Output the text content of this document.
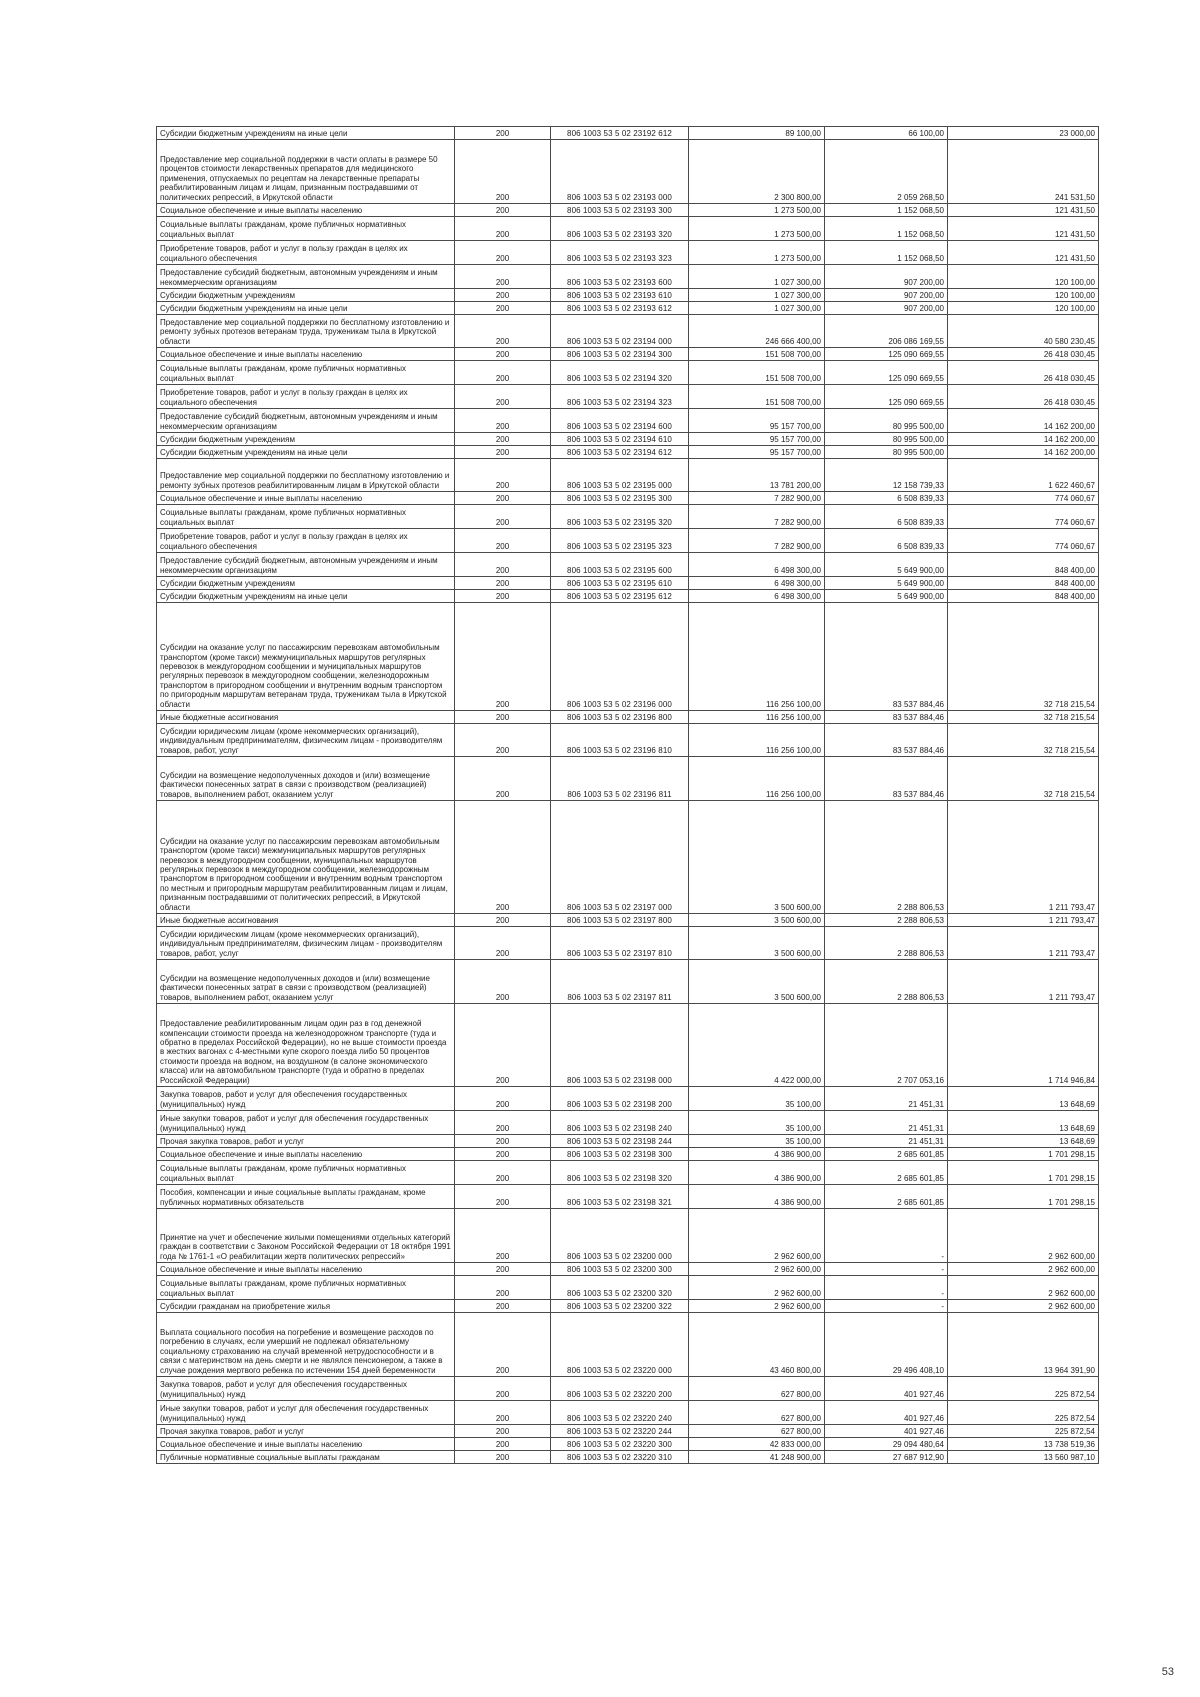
Субсидии бюджетным учреждениям на иные цели	200	806 1003 53 5 02 23192 612	89 100,00	66 100,00	23 000,00
Предоставление мер социальной поддержки в части оплаты в размере 50 процентов стоимости лекарственных препаратов для медицинского применения, отпускаемых по рецептам на лекарственные препараты реабилитированным лицам и лицам, признанным пострадавшими от политических репрессий, в Иркутской области	200	806 1003 53 5 02 23193 000	2 300 800,00	2 059 268,50	241 531,50
Социальное обеспечение и иные выплаты населению	200	806 1003 53 5 02 23193 300	1 273 500,00	1 152 068,50	121 431,50
Социальные выплаты гражданам, кроме публичных нормативных социальных выплат	200	806 1003 53 5 02 23193 320	1 273 500,00	1 152 068,50	121 431,50
Приобретение товаров, работ и услуг в пользу граждан в целях их социального обеспечения	200	806 1003 53 5 02 23193 323	1 273 500,00	1 152 068,50	121 431,50
Предоставление субсидий бюджетным, автономным учреждениям и иным некоммерческим организациям	200	806 1003 53 5 02 23193 600	1 027 300,00	907 200,00	120 100,00
Субсидии бюджетным учреждениям	200	806 1003 53 5 02 23193 610	1 027 300,00	907 200,00	120 100,00
Субсидии бюджетным учреждениям на иные цели	200	806 1003 53 5 02 23193 612	1 027 300,00	907 200,00	120 100,00
Предоставление мер социальной поддержки по бесплатному изготовлению и ремонту зубных протезов ветеранам труда, труженикам тыла в Иркутской области	200	806 1003 53 5 02 23194 000	246 666 400,00	206 086 169,55	40 580 230,45
Социальное обеспечение и иные выплаты населению	200	806 1003 53 5 02 23194 300	151 508 700,00	125 090 669,55	26 418 030,45
Социальные выплаты гражданам, кроме публичных нормативных социальных выплат	200	806 1003 53 5 02 23194 320	151 508 700,00	125 090 669,55	26 418 030,45
Приобретение товаров, работ и услуг в пользу граждан в целях их социального обеспечения	200	806 1003 53 5 02 23194 323	151 508 700,00	125 090 669,55	26 418 030,45
Предоставление субсидий бюджетным, автономным учреждениям и иным некоммерческим организациям	200	806 1003 53 5 02 23194 600	95 157 700,00	80 995 500,00	14 162 200,00
Субсидии бюджетным учреждениям	200	806 1003 53 5 02 23194 610	95 157 700,00	80 995 500,00	14 162 200,00
Субсидии бюджетным учреждениям на иные цели	200	806 1003 53 5 02 23194 612	95 157 700,00	80 995 500,00	14 162 200,00
Предоставление мер социальной поддержки по бесплатному изготовлению и ремонту зубных протезов реабилитированным лицам в Иркутской области	200	806 1003 53 5 02 23195 000	13 781 200,00	12 158 739,33	1 622 460,67
Социальное обеспечение и иные выплаты населению	200	806 1003 53 5 02 23195 300	7 282 900,00	6 508 839,33	774 060,67
Социальные выплаты гражданам, кроме публичных нормативных социальных выплат	200	806 1003 53 5 02 23195 320	7 282 900,00	6 508 839,33	774 060,67
Приобретение товаров, работ и услуг в пользу граждан в целях их социального обеспечения	200	806 1003 53 5 02 23195 323	7 282 900,00	6 508 839,33	774 060,67
Предоставление субсидий бюджетным, автономным учреждениям и иным некоммерческим организациям	200	806 1003 53 5 02 23195 600	6 498 300,00	5 649 900,00	848 400,00
Субсидии бюджетным учреждениям	200	806 1003 53 5 02 23195 610	6 498 300,00	5 649 900,00	848 400,00
Субсидии бюджетным учреждениям на иные цели	200	806 1003 53 5 02 23195 612	6 498 300,00	5 649 900,00	848 400,00
Субсидии на оказание услуг по пассажирским перевозкам автомобильным транспортом (кроме такси) межмуниципальных маршрутов регулярных перевозок в междугородном сообщении и муниципальных маршрутов регулярных перевозок в междугородном сообщении, железнодорожным транспортом в пригородном сообщении и внутренним водным транспортом по пригородным маршрутам ветеранам труда, труженикам тыла в Иркутской области	200	806 1003 53 5 02 23196 000	116 256 100,00	83 537 884,46	32 718 215,54
Иные бюджетные ассигнования	200	806 1003 53 5 02 23196 800	116 256 100,00	83 537 884,46	32 718 215,54
Субсидии юридическим лицам (кроме некоммерческих организаций), индивидуальным предпринимателям, физическим лицам - производителям товаров, работ, услуг	200	806 1003 53 5 02 23196 810	116 256 100,00	83 537 884,46	32 718 215,54
Субсидии на возмещение недополученных доходов и (или) возмещение фактически понесенных затрат в связи с производством (реализацией) товаров, выполнением работ, оказанием услуг	200	806 1003 53 5 02 23196 811	116 256 100,00	83 537 884,46	32 718 215,54
Субсидии на оказание услуг по пассажирским перевозкам автомобильным транспортом (кроме такси) межмуниципальных маршрутов регулярных перевозок в междугородном сообщении, муниципальных маршрутов регулярных перевозок в междугородном сообщении, железнодорожным транспортом в пригородном сообщении и внутренним водным транспортом по местным и пригородным маршрутам реабилитированным лицам и лицам, признанным пострадавшими от политических репрессий, в Иркутской области	200	806 1003 53 5 02 23197 000	3 500 600,00	2 288 806,53	1 211 793,47
Иные бюджетные ассигнования	200	806 1003 53 5 02 23197 800	3 500 600,00	2 288 806,53	1 211 793,47
Субсидии юридическим лицам (кроме некоммерческих организаций), индивидуальным предпринимателям, физическим лицам - производителям товаров, работ, услуг	200	806 1003 53 5 02 23197 810	3 500 600,00	2 288 806,53	1 211 793,47
Субсидии на возмещение недополученных доходов и (или) возмещение фактически понесенных затрат в связи с производством (реализацией) товаров, выполнением работ, оказанием услуг	200	806 1003 53 5 02 23197 811	3 500 600,00	2 288 806,53	1 211 793,47
Предоставление реабилитированным лицам один раз в год денежной компенсации стоимости проезда на железнодорожном транспорте (туда и обратно в пределах Российской Федерации), но не выше стоимости проезда в жестких вагонах с 4-местными купе скорого поезда либо 50 процентов стоимости проезда на водном, на воздушном (в салоне экономического класса) или на автомобильном транспорте (туда и обратно в пределах Российской Федерации)	200	806 1003 53 5 02 23198 000	4 422 000,00	2 707 053,16	1 714 946,84
Закупка товаров, работ и услуг для обеспечения государственных (муниципальных) нужд	200	806 1003 53 5 02 23198 200	35 100,00	21 451,31	13 648,69
Иные закупки товаров, работ и услуг для обеспечения государственных (муниципальных) нужд	200	806 1003 53 5 02 23198 240	35 100,00	21 451,31	13 648,69
Прочая закупка товаров, работ и услуг	200	806 1003 53 5 02 23198 244	35 100,00	21 451,31	13 648,69
Социальное обеспечение и иные выплаты населению	200	806 1003 53 5 02 23198 300	4 386 900,00	2 685 601,85	1 701 298,15
Социальные выплаты гражданам, кроме публичных нормативных социальных выплат	200	806 1003 53 5 02 23198 320	4 386 900,00	2 685 601,85	1 701 298,15
Пособия, компенсации и иные социальные выплаты гражданам, кроме публичных нормативных обязательств	200	806 1003 53 5 02 23198 321	4 386 900,00	2 685 601,85	1 701 298,15
Принятие на учет и обеспечение жилыми помещениями отдельных категорий граждан в соответствии с Законом Российской Федерации от 18 октября 1991 года № 1761-1 «О реабилитации жертв политических репрессий»	200	806 1003 53 5 02 23200 000	2 962 600,00	-	2 962 600,00
Социальное обеспечение и иные выплаты населению	200	806 1003 53 5 02 23200 300	2 962 600,00	-	2 962 600,00
Социальные выплаты гражданам, кроме публичных нормативных социальных выплат	200	806 1003 53 5 02 23200 320	2 962 600,00	-	2 962 600,00
Субсидии гражданам на приобретение жилья	200	806 1003 53 5 02 23200 322	2 962 600,00	-	2 962 600,00
Выплата социального пособия на погребение и возмещение расходов по погребению в случаях, если умерший не подлежал обязательному социальному страхованию на случай временной нетрудоспособности и в связи с материнством на день смерти и не являлся пенсионером, а также в случае рождения мертвого ребенка по истечении 154 дней беременности	200	806 1003 53 5 02 23220 000	43 460 800,00	29 496 408,10	13 964 391,90
Закупка товаров, работ и услуг для обеспечения государственных (муниципальных) нужд	200	806 1003 53 5 02 23220 200	627 800,00	401 927,46	225 872,54
Иные закупки товаров, работ и услуг для обеспечения государственных (муниципальных) нужд	200	806 1003 53 5 02 23220 240	627 800,00	401 927,46	225 872,54
Прочая закупка товаров, работ и услуг	200	806 1003 53 5 02 23220 244	627 800,00	401 927,46	225 872,54
Социальное обеспечение и иные выплаты населению	200	806 1003 53 5 02 23220 300	42 833 000,00	29 094 480,64	13 738 519,36
Публичные нормативные социальные выплаты гражданам	200	806 1003 53 5 02 23220 310	41 248 900,00	27 687 912,90	13 560 987,10
53
